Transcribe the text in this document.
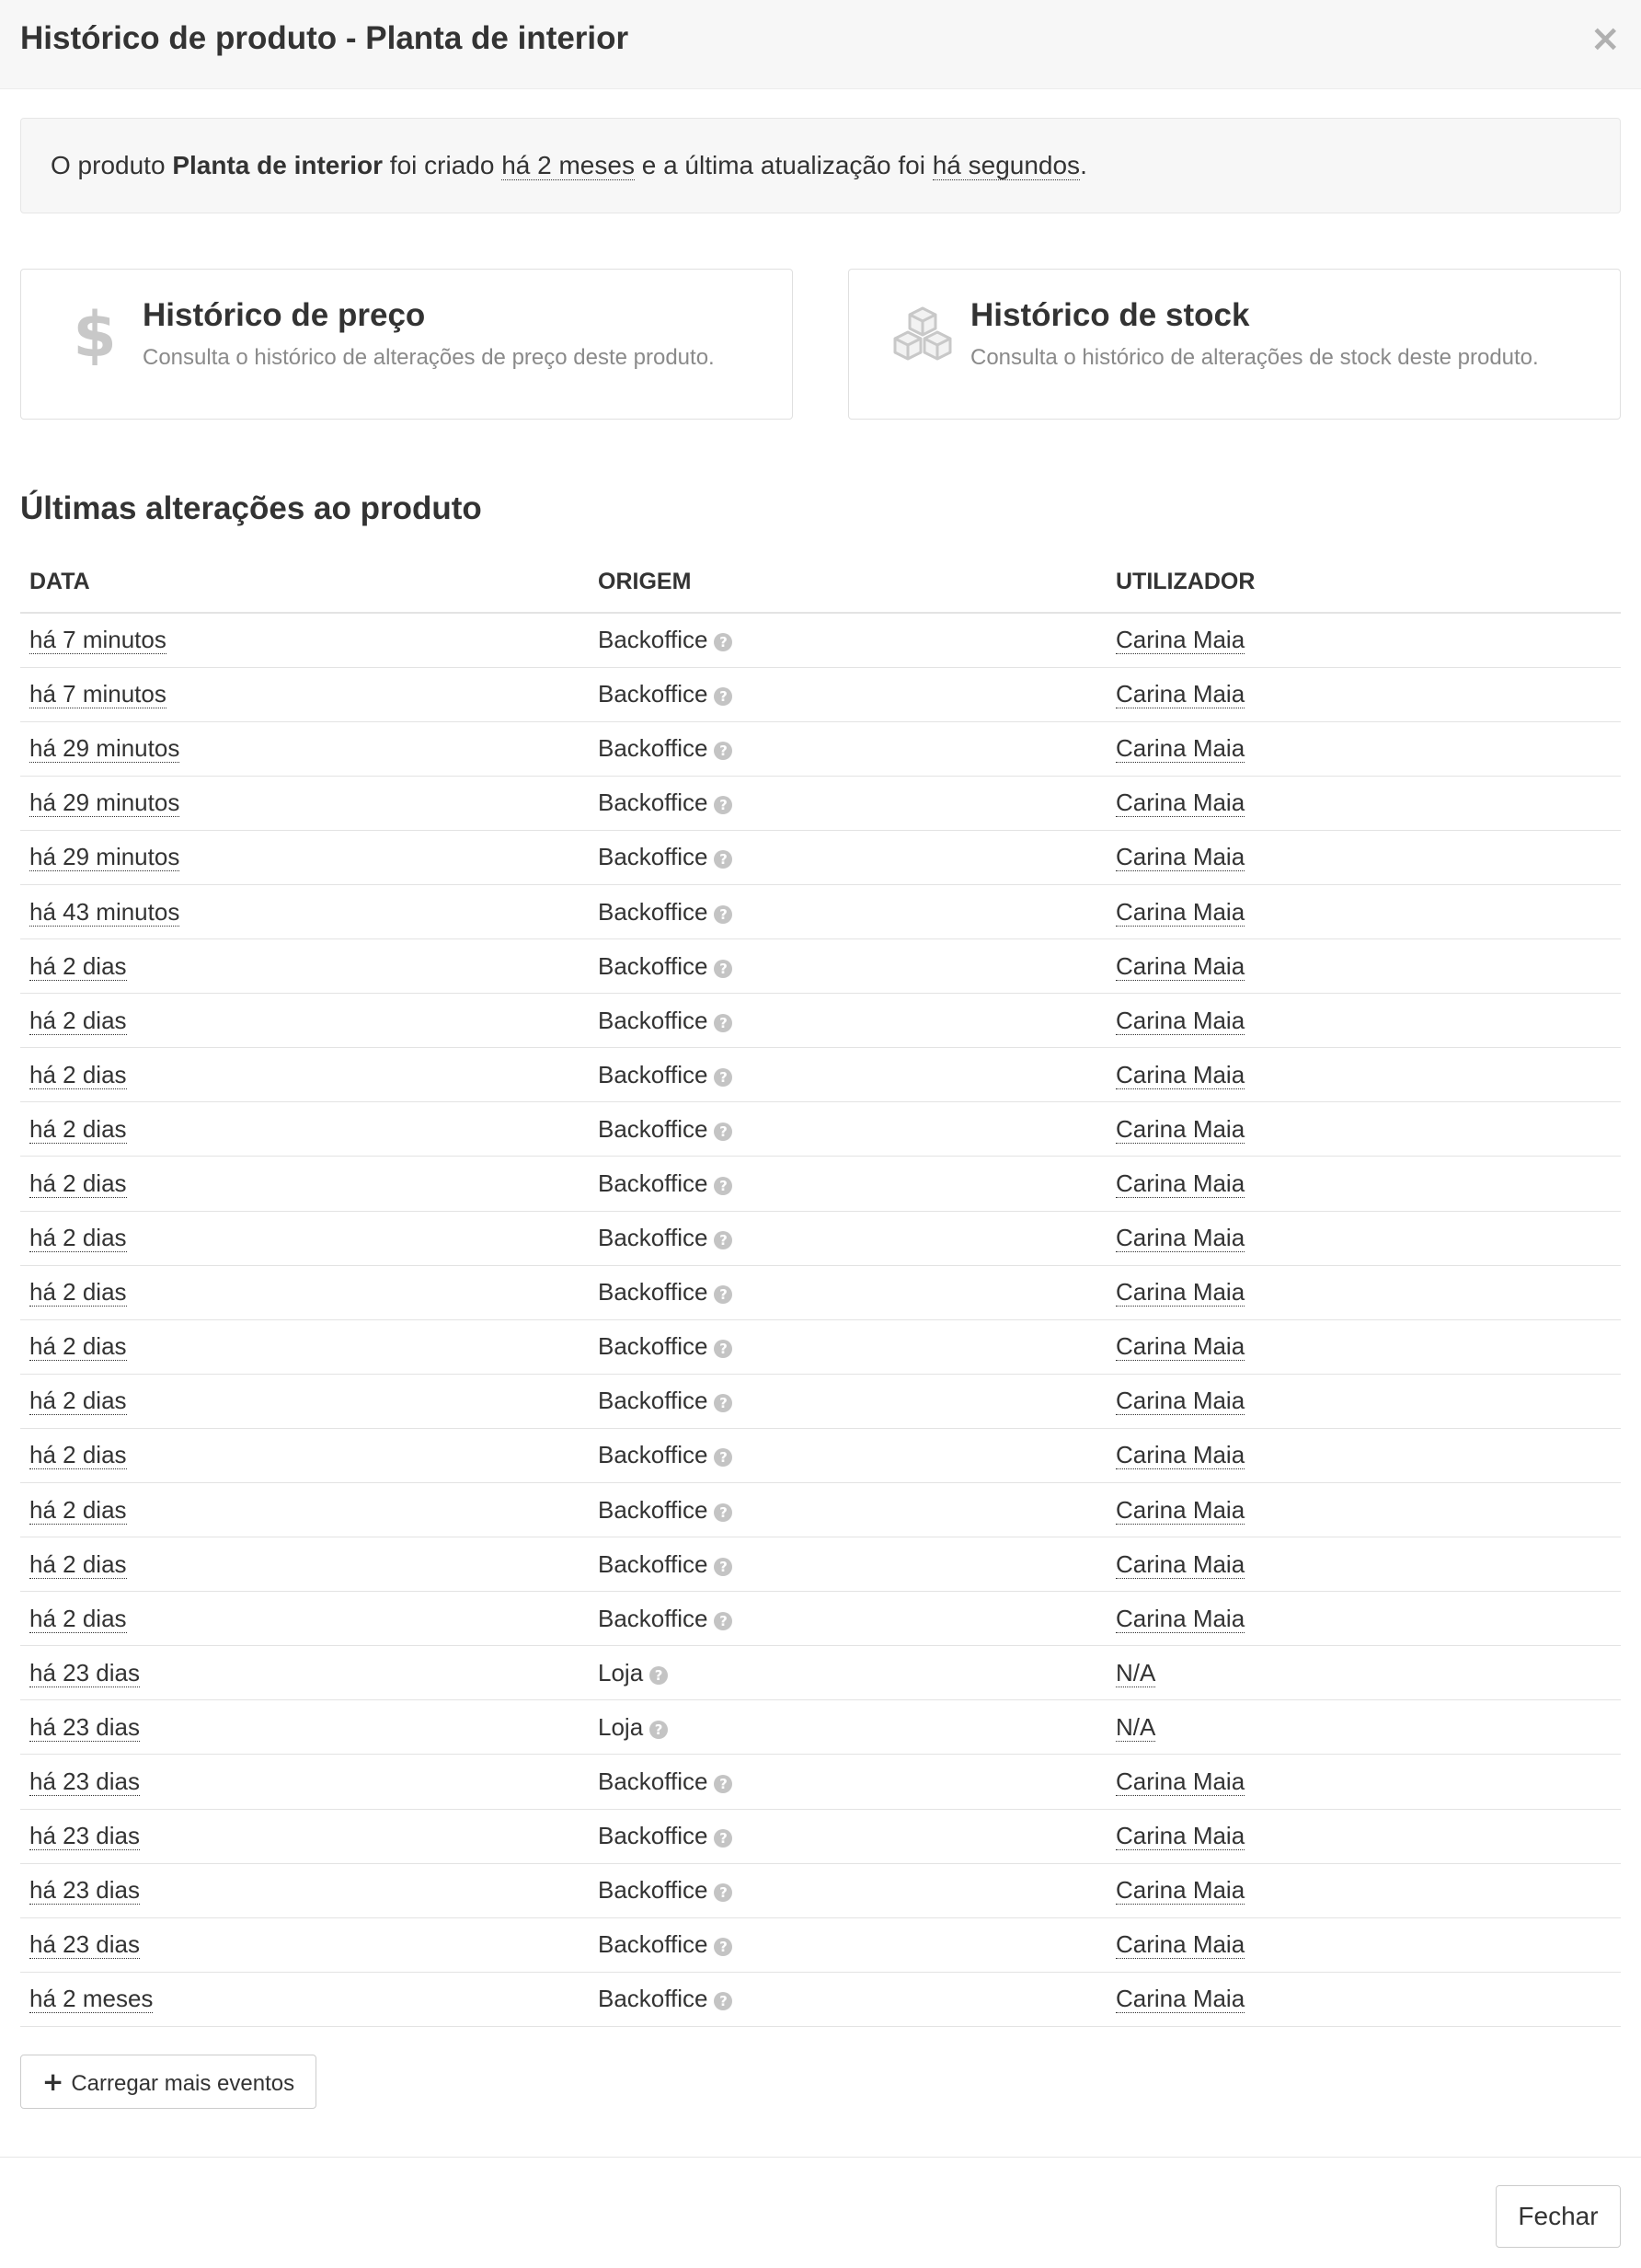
Histórico de produto - Planta de interior	×
O produto Planta de interior foi criado há 2 meses e a última atualização foi há segundos.
$ Histórico de preço
Consulta o histórico de alterações de preço deste produto.
Histórico de stock
Consulta o histórico de alterações de stock deste produto.
Últimas alterações ao produto
DATA	ORIGEM	UTILIZADOR
há 7 minutos	Backoffice ?	Carina Maia
há 7 minutos	Backoffice ?	Carina Maia
há 29 minutos	Backoffice ?	Carina Maia
há 29 minutos	Backoffice ?	Carina Maia
há 29 minutos	Backoffice ?	Carina Maia
há 43 minutos	Backoffice ?	Carina Maia
há 2 dias	Backoffice ?	Carina Maia
há 2 dias	Backoffice ?	Carina Maia
há 2 dias	Backoffice ?	Carina Maia
há 2 dias	Backoffice ?	Carina Maia
há 2 dias	Backoffice ?	Carina Maia
há 2 dias	Backoffice ?	Carina Maia
há 2 dias	Backoffice ?	Carina Maia
há 2 dias	Backoffice ?	Carina Maia
há 2 dias	Backoffice ?	Carina Maia
há 2 dias	Backoffice ?	Carina Maia
há 2 dias	Backoffice ?	Carina Maia
há 2 dias	Backoffice ?	Carina Maia
há 2 dias	Backoffice ?	Carina Maia
há 23 dias	Loja ?	N/A
há 23 dias	Loja ?	N/A
há 23 dias	Backoffice ?	Carina Maia
há 23 dias	Backoffice ?	Carina Maia
há 23 dias	Backoffice ?	Carina Maia
há 23 dias	Backoffice ?	Carina Maia
há 2 meses	Backoffice ?	Carina Maia
+ Carregar mais eventos
Fechar
